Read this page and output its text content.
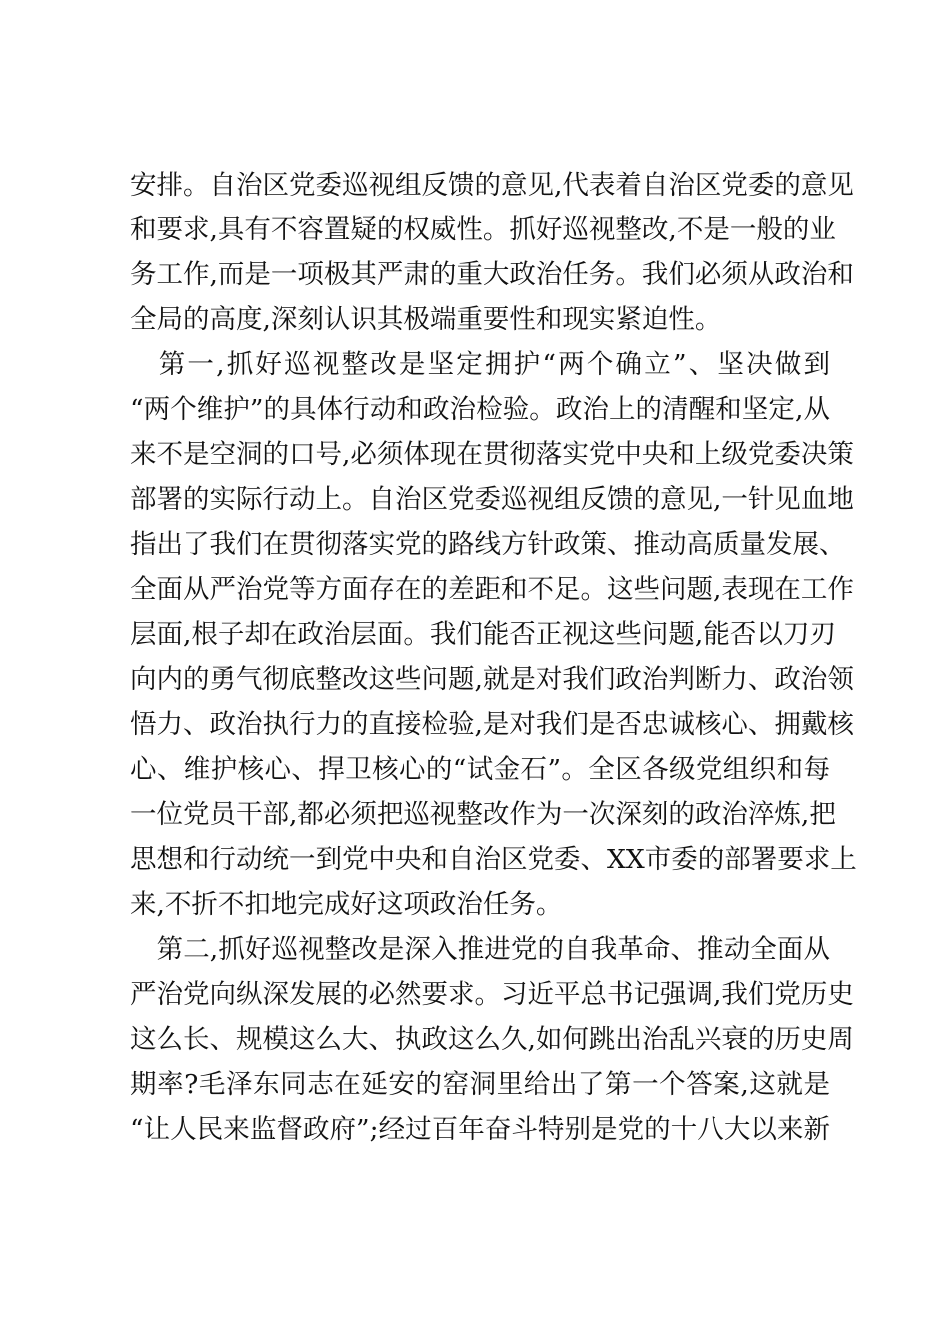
安排。自治区党委巡视组反馈的意见,代表着自治区党委的意见
和要求,具有不容置疑的权威性。抓好巡视整改,不是一般的业
务工作,而是一项极其严肃的重大政治任务。我们必须从政治和
全局的高度,深刻认识其极端重要性和现实紧迫性。
　第一,抓好巡视整改是坚定拥护“两个确立”、坚决做到
“两个维护”的具体行动和政治检验。政治上的清醒和坚定,从
来不是空洞的口号,必须体现在贯彻落实党中央和上级党委决策
部署的实际行动上。自治区党委巡视组反馈的意见,一针见血地
指出了我们在贯彻落实党的路线方针政策、推动高质量发展、
全面从严治党等方面存在的差距和不足。这些问题,表现在工作
层面,根子却在政治层面。我们能否正视这些问题,能否以刀刃
向内的勇气彻底整改这些问题,就是对我们政治判断力、政治领
悟力、政治执行力的直接检验,是对我们是否忠诚核心、拥戴核
心、维护核心、捍卫核心的“试金石”。全区各级党组织和每
一位党员干部,都必须把巡视整改作为一次深刻的政治淬炼,把
思想和行动统一到党中央和自治区党委、XX市委的部署要求上
来,不折不扣地完成好这项政治任务。
　第二,抓好巡视整改是深入推进党的自我革命、推动全面从
严治党向纵深发展的必然要求。习近平总书记强调,我们党历史
这么长、规模这么大、执政这么久,如何跳出治乱兴衰的历史周
期率?毛泽东同志在延安的窑洞里给出了第一个答案,这就是
“让人民来监督政府”;经过百年奋斗特别是党的十八大以来新
